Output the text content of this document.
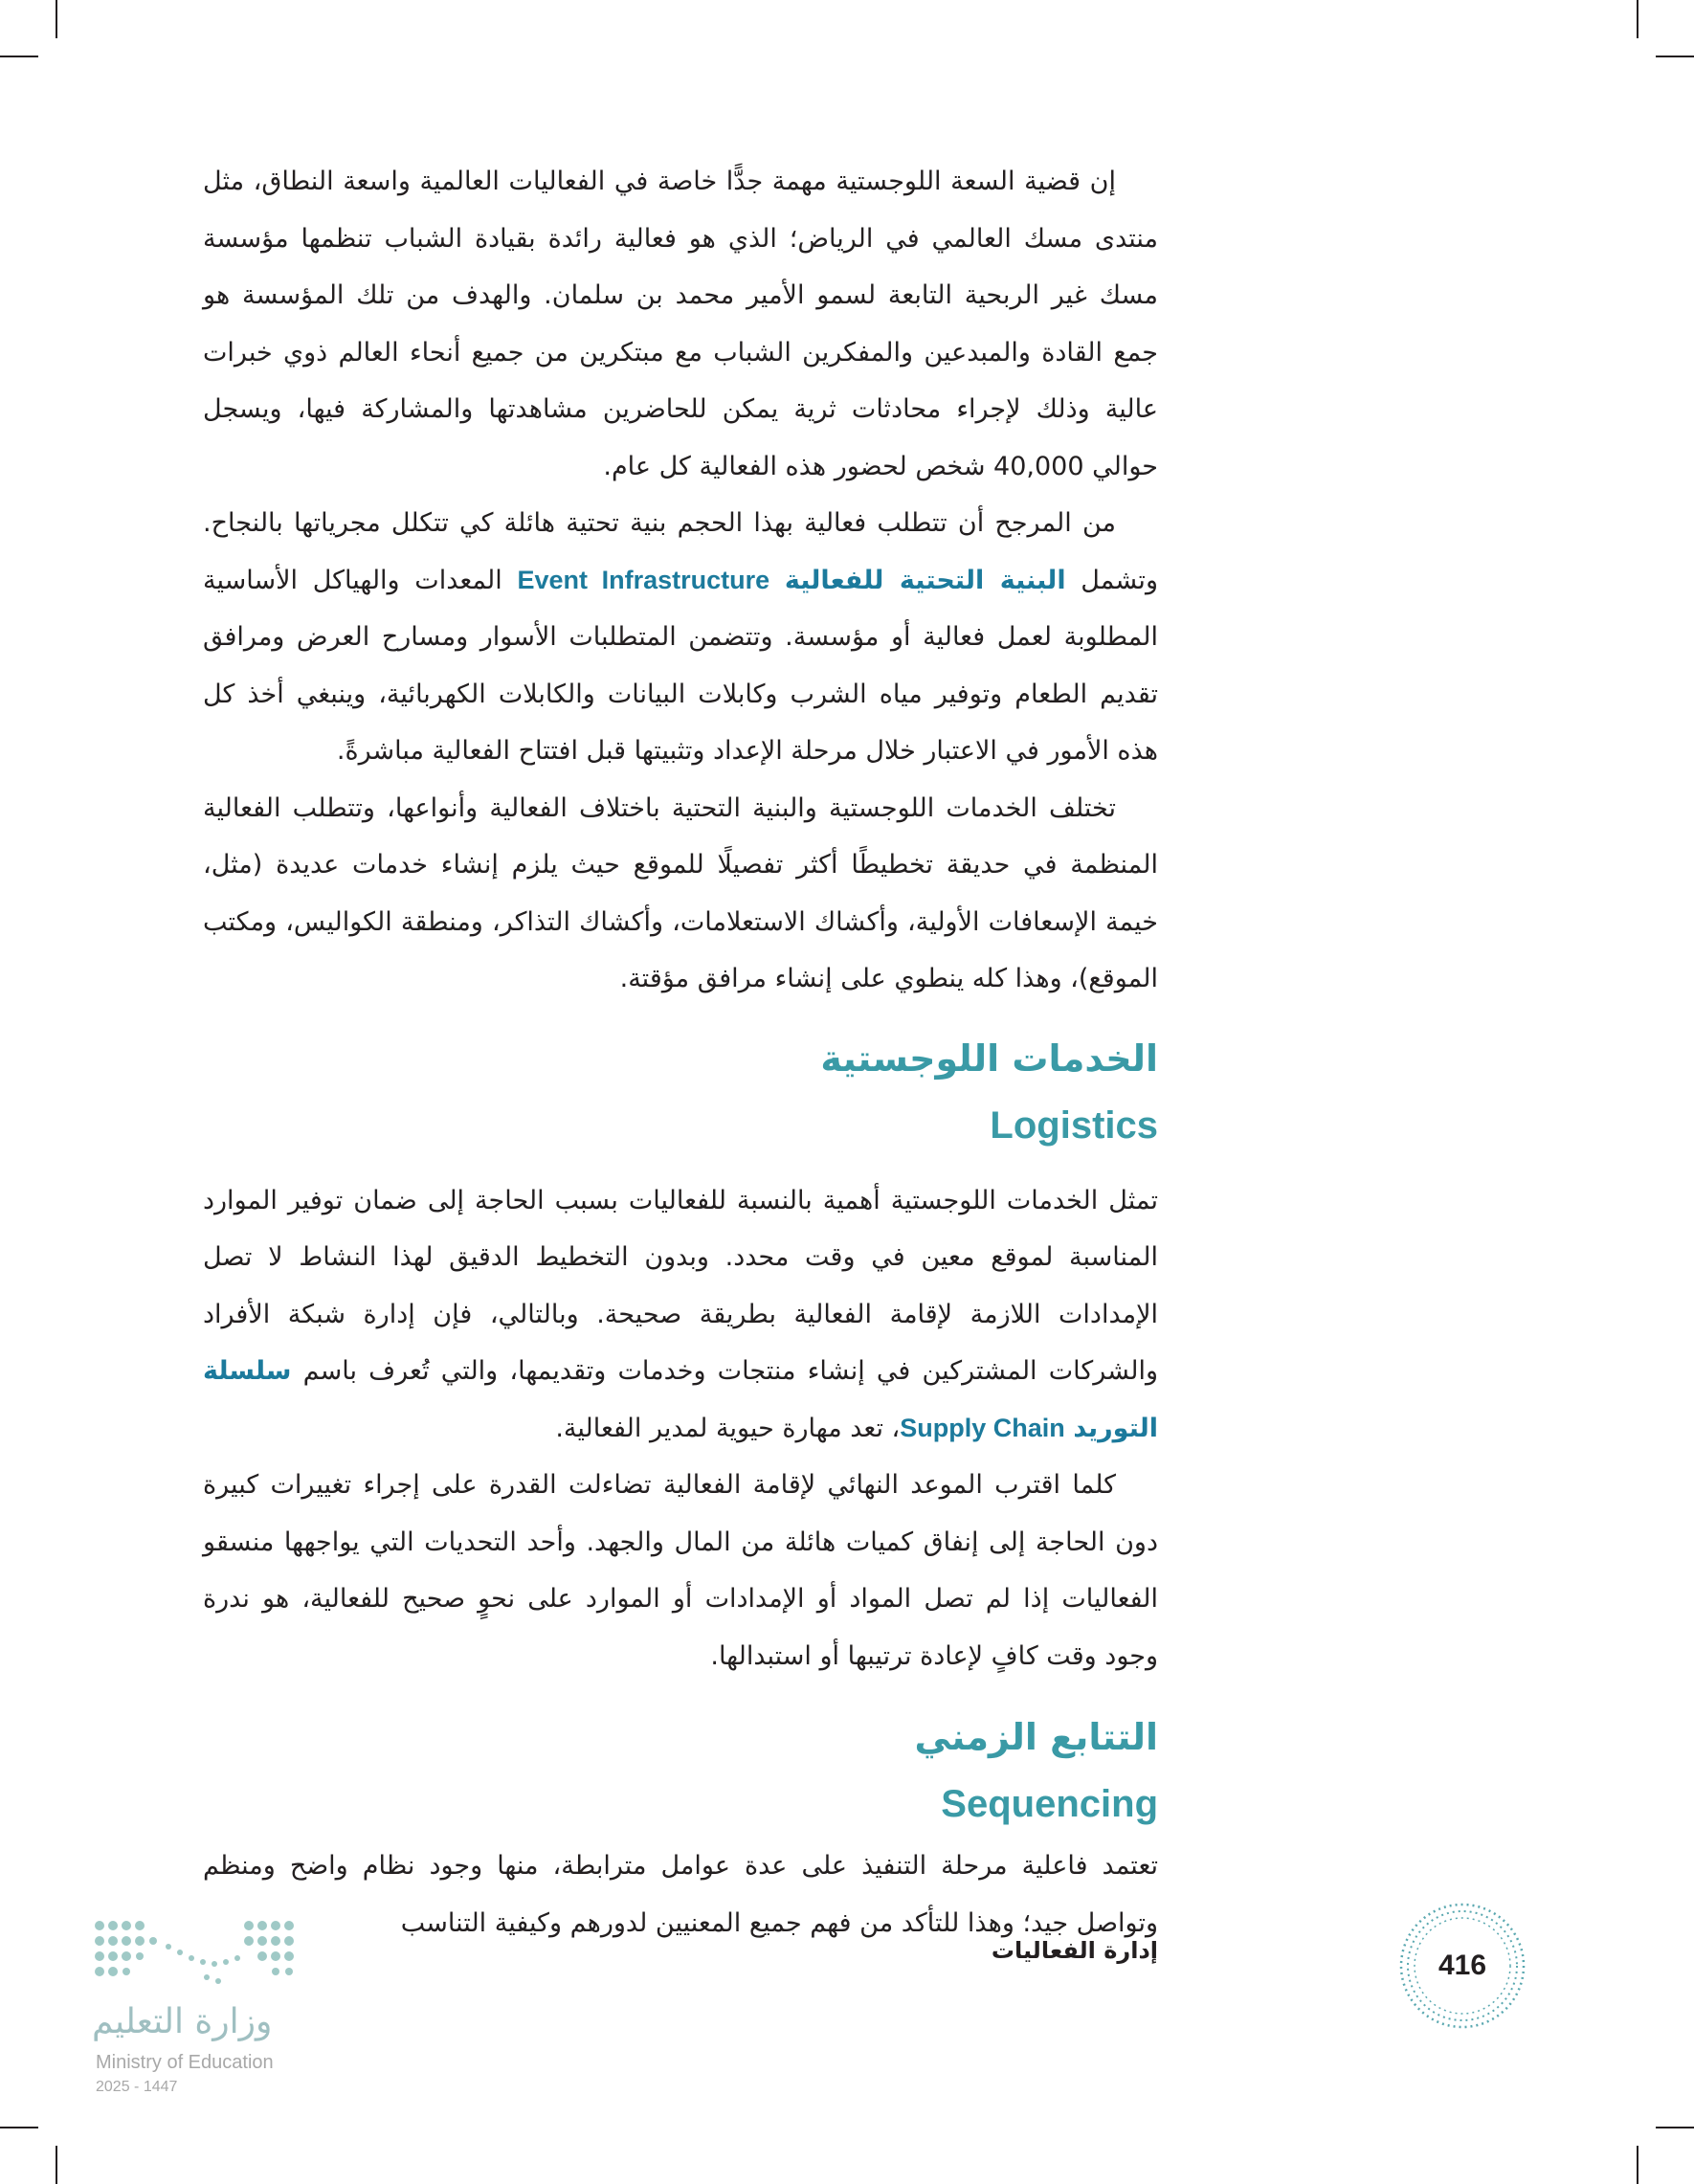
إن قضية السعة اللوجستية مهمة جدًّا خاصة في الفعاليات العالمية واسعة النطاق، مثل منتدى مسك العالمي في الرياض؛ الذي هو فعالية رائدة بقيادة الشباب تنظمها مؤسسة مسك غير الربحية التابعة لسمو الأمير محمد بن سلمان. والهدف من تلك المؤسسة هو جمع القادة والمبدعين والمفكرين الشباب مع مبتكرين من جميع أنحاء العالم ذوي خبرات عالية وذلك لإجراء محادثات ثرية يمكن للحاضرين مشاهدتها والمشاركة فيها، ويسجل حوالي 40,000 شخص لحضور هذه الفعالية كل عام.

من المرجح أن تتطلب فعالية بهذا الحجم بنية تحتية هائلة كي تتكلل مجرياتها بالنجاح. وتشمل البنية التحتية للفعالية Event Infrastructure المعدات والهياكل الأساسية المطلوبة لعمل فعالية أو مؤسسة. وتتضمن المتطلبات الأسوار ومسارح العرض ومرافق تقديم الطعام وتوفير مياه الشرب وكابلات البيانات والكابلات الكهربائية، وينبغي أخذ كل هذه الأمور في الاعتبار خلال مرحلة الإعداد وتثبيتها قبل افتتاح الفعالية مباشرةً.

تختلف الخدمات اللوجستية والبنية التحتية باختلاف الفعالية وأنواعها، وتتطلب الفعالية المنظمة في حديقة تخطيطًا أكثر تفصيلًا للموقع حيث يلزم إنشاء خدمات عديدة (مثل، خيمة الإسعافات الأولية، وأكشاك الاستعلامات، وأكشاك التذاكر، ومنطقة الكواليس، ومكتب الموقع)، وهذا كله ينطوي على إنشاء مرافق مؤقتة.

الخدمات اللوجستية
Logistics

تمثل الخدمات اللوجستية أهمية بالنسبة للفعاليات بسبب الحاجة إلى ضمان توفير الموارد المناسبة لموقع معين في وقت محدد. وبدون التخطيط الدقيق لهذا النشاط لا تصل الإمدادات اللازمة لإقامة الفعالية بطريقة صحيحة. وبالتالي، فإن إدارة شبكة الأفراد والشركات المشتركين في إنشاء منتجات وخدمات وتقديمها، والتي تُعرف باسم سلسلة التوريد Supply Chain، تعد مهارة حيوية لمدير الفعالية.

كلما اقترب الموعد النهائي لإقامة الفعالية تضاءلت القدرة على إجراء تغييرات كبيرة دون الحاجة إلى إنفاق كميات هائلة من المال والجهد. وأحد التحديات التي يواجهها منسقو الفعاليات إذا لم تصل المواد أو الإمدادات أو الموارد على نحوٍ صحيح للفعالية، هو ندرة وجود وقت كافٍ لإعادة ترتيبها أو استبدالها.

التتابع الزمني
Sequencing

تعتمد فاعلية مرحلة التنفيذ على عدة عوامل مترابطة، منها وجود نظام واضح ومنظم وتواصل جيد؛ وهذا للتأكد من فهم جميع المعنيين لدورهم وكيفية التناسب

إدارة الفعاليات	416
وزارة التعليم
Ministry of Education
2025 - 1447
